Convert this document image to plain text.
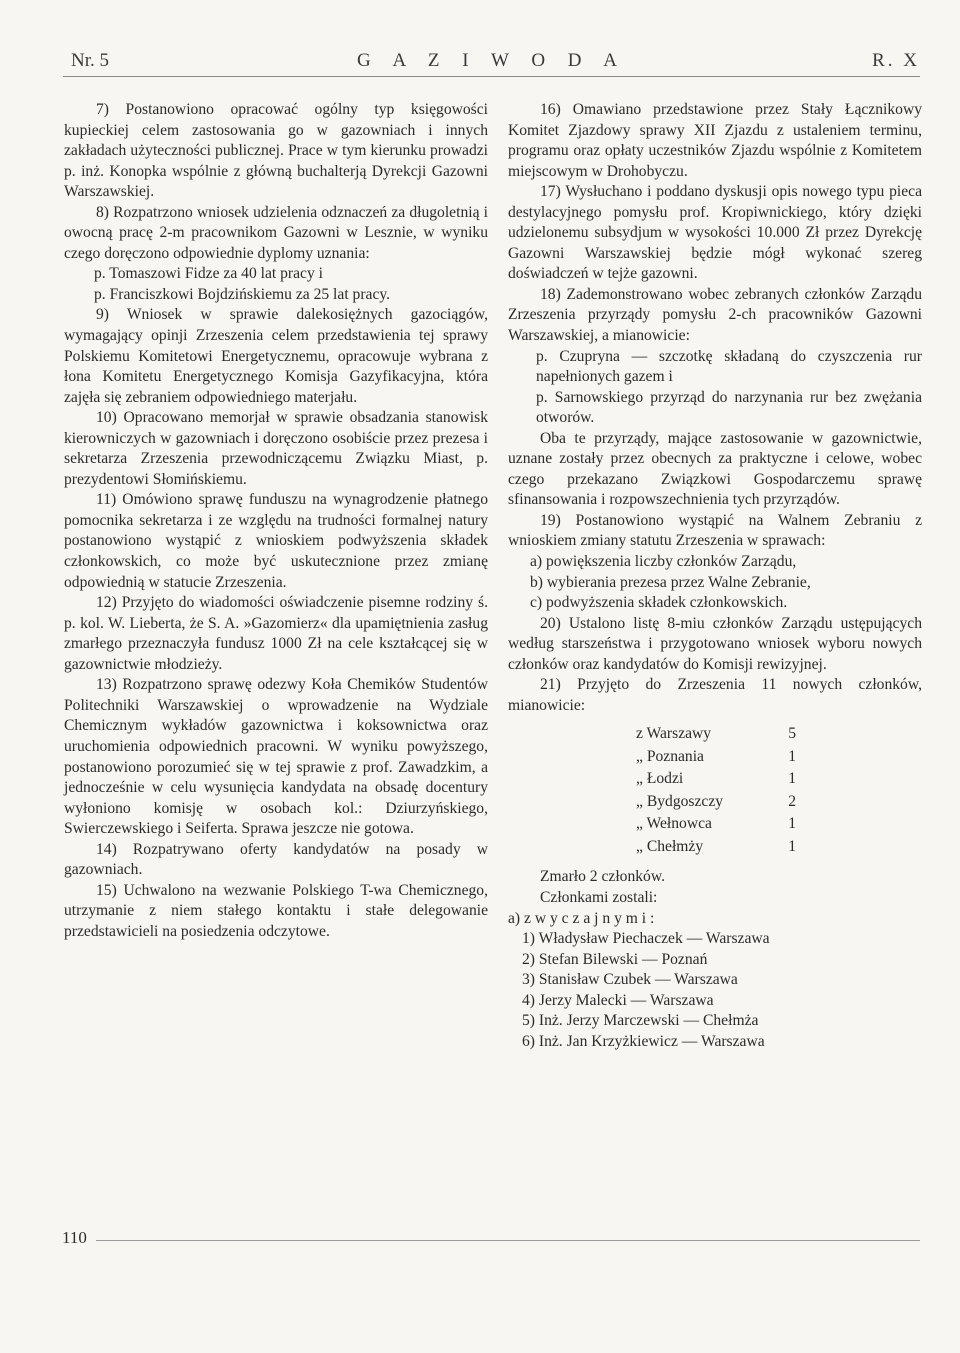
Nr. 5	G A Z I W O D A	R. X

7) Postanowiono opracować ogólny typ księgowości kupieckiej celem zastosowania go w gazowniach i innych zakładach użyteczności publicznej. Prace w tym kierunku prowadzi p. inż. Konopka wspólnie z główną buchalterją Dyrekcji Gazowni Warszawskiej.

8) Rozpatrzono wniosek udzielenia odznaczeń za długoletnią i owocną pracę 2-m pracownikom Gazowni w Lesznie, w wyniku czego doręczono odpowiednie dyplomy uznania:

p. Tomaszowi Fidze za 40 lat pracy i

p. Franciszkowi Bojdzińskiemu za 25 lat pracy.

9) Wniosek w sprawie dalekosiężnych gazociągów, wymagający opinji Zrzeszenia celem przedstawienia tej sprawy Polskiemu Komitetowi Energetycznemu, opracowuje wybrana z łona Komitetu Energetycznego Komisja Gazyfikacyjna, która zajęła się zebraniem odpowiedniego materjału.

10) Opracowano memorjał w sprawie obsadzania stanowisk kierowniczych w gazowniach i doręczono osobiście przez prezesa i sekretarza Zrzeszenia przewodniczącemu Związku Miast, p. prezydentowi Słomińskiemu.

11) Omówiono sprawę funduszu na wynagrodzenie płatnego pomocnika sekretarza i ze względu na trudności formalnej natury postanowiono wystąpić z wnioskiem podwyższenia składek członkowskich, co może być uskutecznione przez zmianę odpowiednią w statucie Zrzeszenia.

12) Przyjęto do wiadomości oświadczenie pisemne rodziny ś. p. kol. W. Lieberta, że S. A. »Gazomierz« dla upamiętnienia zasług zmarłego przeznaczyła fundusz 1000 Zł na cele kształcącej się w gazownictwie młodzieży.

13) Rozpatrzono sprawę odezwy Koła Chemików Studentów Politechniki Warszawskiej o wprowadzenie na Wydziale Chemicznym wykładów gazownictwa i koksownictwa oraz uruchomienia odpowiednich pracowni. W wyniku powyższego, postanowiono porozumieć się w tej sprawie z prof. Zawadzkim, a jednocześnie w celu wysunięcia kandydata na obsadę docentury wyłoniono komisję w osobach kol.: Dziurzyńskiego, Swierczewskiego i Seiferta. Sprawa jeszcze nie gotowa.

14) Rozpatrywano oferty kandydatów na posady w gazowniach.

15) Uchwalono na wezwanie Polskiego T-wa Chemicznego, utrzymanie z niem stałego kontaktu i stałe delegowanie przedstawicieli na posiedzenia odczytowe.

16) Omawiano przedstawione przez Stały Łącznikowy Komitet Zjazdowy sprawy XII Zjazdu z ustaleniem terminu, programu oraz opłaty uczestników Zjazdu wspólnie z Komitetem miejscowym w Drohobyczu.

17) Wysłuchano i poddano dyskusji opis nowego typu pieca destylacyjnego pomysłu prof. Kropiwnickiego, który dzięki udzielonemu subsydjum w wysokości 10.000 Zł przez Dyrekcję Gazowni Warszawskiej będzie mógł wykonać szereg doświadczeń w tejże gazowni.

18) Zademonstrowano wobec zebranych członków Zarządu Zrzeszenia przyrządy pomysłu 2-ch pracowników Gazowni Warszawskiej, a mianowicie:

p. Czupryna — szczotkę składaną do czyszczenia rur napełnionych gazem i

p. Sarnowskiego przyrząd do narzynania rur bez zwężania otworów.

Oba te przyrządy, mające zastosowanie w gazownictwie, uznane zostały przez obecnych za praktyczne i celowe, wobec czego przekazano Związkowi Gospodarczemu sprawę sfinansowania i rozpowszechnienia tych przyrządów.

19) Postanowiono wystąpić na Walnem Zebraniu z wnioskiem zmiany statutu Zrzeszenia w sprawach:

a) powiększenia liczby członków Zarządu,

b) wybierania prezesa przez Walne Zebranie,

c) podwyższenia składek członkowskich.

20) Ustalono listę 8-miu członków Zarządu ustępujących według starszeństwa i przygotowano wniosek wyboru nowych członków oraz kandydatów do Komisji rewizyjnej.

21) Przyjęto do Zrzeszenia 11 nowych członków, mianowicie:

z Warszawy	5
„ Poznania	1
„ Łodzi	1
„ Bydgoszczy	2
„ Wełnowca	1
„ Chełmży	1

Zmarło 2 członków.

Członkami zostali:

a) z w y c z a j n y m i :

1) Władysław Piechaczek — Warszawa

2) Stefan Bilewski — Poznań

3) Stanisław Czubek — Warszawa

4) Jerzy Malecki — Warszawa

5) Inż. Jerzy Marczewski — Chełmża

6) Inż. Jan Krzyżkiewicz — Warszawa

110
